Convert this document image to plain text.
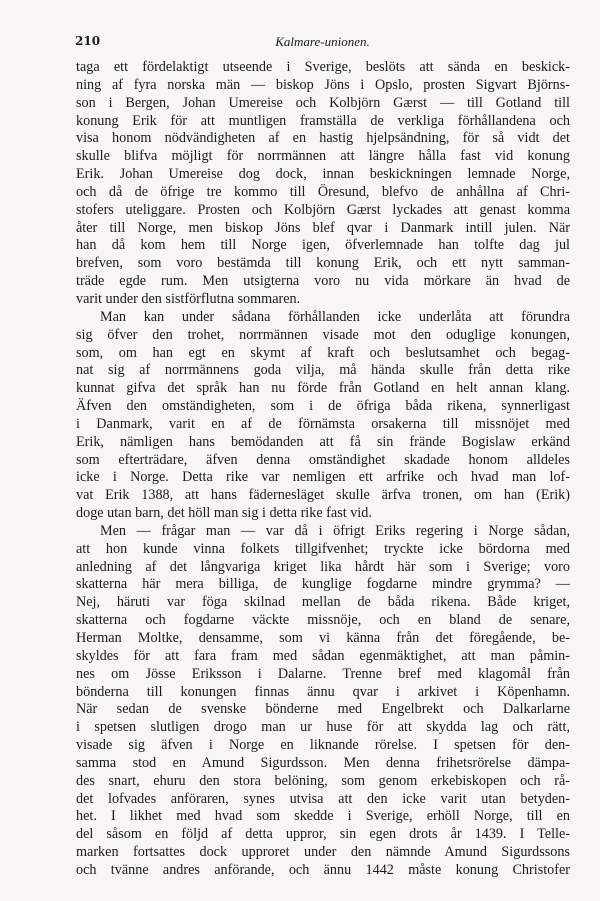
210	Kalmare-unionen.
taga ett fördelaktigt utseende i Sverige, beslöts att sända en beskick-
ning af fyra norska män — biskop Jöns i Opslo, prosten Sigvart Björns-
son i Bergen, Johan Umereise och Kolbjörn Gærst — till Gotland till
konung Erik för att muntligen framställa de verkliga förhållandena och
visa honom nödvändigheten af en hastig hjelpsändning, för så vidt det
skulle blifva möjligt för norrmännen att längre hålla fast vid konung
Erik. Johan Umereise dog dock, innan beskickningen lemnade Norge,
och då de öfrige tre kommo till Öresund, blefvo de anhållna af Chri-
stofers uteliggare. Prosten och Kolbjörn Gærst lyckades att genast komma
åter till Norge, men biskop Jöns blef qvar i Danmark intill julen. När
han då kom hem till Norge igen, öfverlemnade han tolfte dag jul
brefven, som voro bestämda till konung Erik, och ett nytt samman-
träde egde rum. Men utsigterna voro nu vida mörkare än hvad de
varit under den sistförflutna sommaren.
Man kan under sådana förhållanden icke underlåta att förundra
sig öfver den trohet, norrmännen visade mot den oduglige konungen,
som, om han egt en skymt af kraft och beslutsamhet och begag-
nat sig af norrmännens goda vilja, må hända skulle från detta rike
kunnat gifva det språk han nu förde från Gotland en helt annan klang.
Äfven den omständigheten, som i de öfriga båda rikena, synnerligast
i Danmark, varit en af de förnämsta orsakerna till missnöjet med
Erik, nämligen hans bemödanden att få sin frände Bogislaw erkänd
som efterträdare, äfven denna omständighet skadade honom alldeles
icke i Norge. Detta rike var nemligen ett arfrike och hvad man lof-
vat Erik 1388, att hans fädernesläget skulle ärfva tronen, om han (Erik)
doge utan barn, det höll man sig i detta rike fast vid.
Men — frågar man — var då i öfrigt Eriks regering i Norge sådan,
att hon kunde vinna folkets tillgifvenhet; tryckte icke bördorna med
anledning af det långvariga kriget lika hårdt här som i Sverige; voro
skatterna här mera billiga, de kunglige fogdarne mindre grymma? —
Nej, häruti var föga skilnad mellan de båda rikena. Både kriget,
skatterna och fogdarne väckte missnöje, och en bland de senare,
Herman Moltke, densamme, som vi känna från det föregående, be-
skyldes för att fara fram med sådan egenmäktighet, att man påmin-
nes om Jösse Eriksson i Dalarne. Trenne bref med klagomål från
bönderna till konungen finnas ännu qvar i arkivet i Köpenhamn.
När sedan de svenske bönderne med Engelbrekt och Dalkarlarne
i spetsen slutligen drogo man ur huse för att skydda lag och rätt,
visade sig äfven i Norge en liknande rörelse. I spetsen för den-
samma stod en Amund Sigurdsson. Men denna frihetsrörelse dämpa-
des snart, ehuru den stora belöning, som genom erkebiskopen och rå-
det lofvades anföraren, synes utvisa att den icke varit utan betyden-
het. I likhet med hvad som skedde i Sverige, erhöll Norge, till en
del såsom en följd af detta uppror, sin egen drots år 1439. I Telle-
marken fortsattes dock upproret under den nämnde Amund Sigurdssons
och tvänne andres anförande, och ännu 1442 måste konung Christofer
